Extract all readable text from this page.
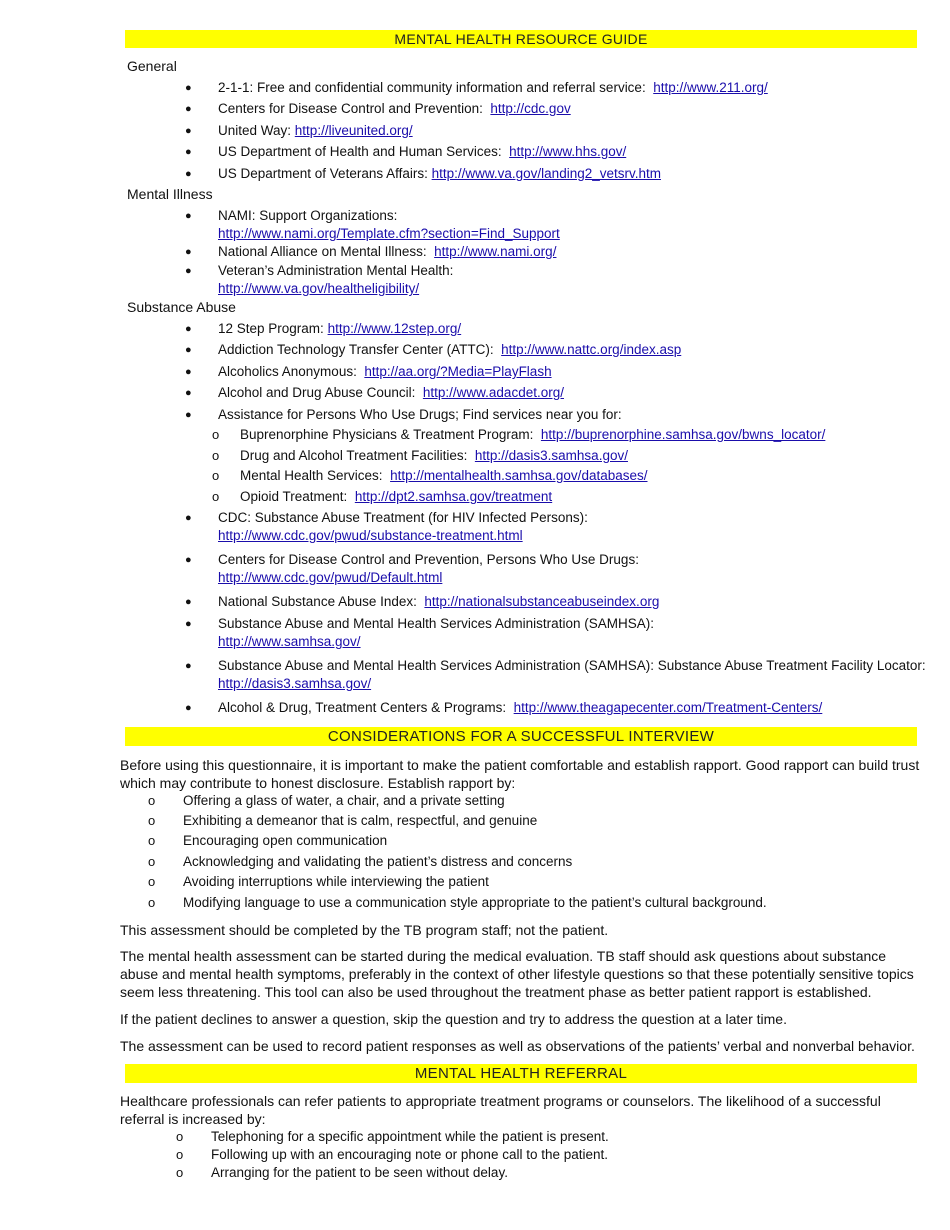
MENTAL HEALTH RESOURCE GUIDE
General
● 2-1-1: Free and confidential community information and referral service: http://www.211.org/
● Centers for Disease Control and Prevention: http://cdc.gov
● United Way: http://liveunited.org/
● US Department of Health and Human Services: http://www.hhs.gov/
● US Department of Veterans Affairs: http://www.va.gov/landing2_vetsrv.htm
Mental Illness
● NAMI: Support Organizations:
http://www.nami.org/Template.cfm?section=Find_Support
● National Alliance on Mental Illness: http://www.nami.org/
● Veteran’s Administration Mental Health:
http://www.va.gov/healtheligibility/
Substance Abuse
● 12 Step Program: http://www.12step.org/
● Addiction Technology Transfer Center (ATTC): http://www.nattc.org/index.asp
● Alcoholics Anonymous: http://aa.org/?Media=PlayFlash
● Alcohol and Drug Abuse Council: http://www.adacdet.org/
● Assistance for Persons Who Use Drugs; Find services near you for:
o Buprenorphine Physicians & Treatment Program: http://buprenorphine.samhsa.gov/bwns_locator/
o Drug and Alcohol Treatment Facilities: http://dasis3.samhsa.gov/
o Mental Health Services: http://mentalhealth.samhsa.gov/databases/
o Opioid Treatment: http://dpt2.samhsa.gov/treatment
● CDC: Substance Abuse Treatment (for HIV Infected Persons):
http://www.cdc.gov/pwud/substance-treatment.html
● Centers for Disease Control and Prevention, Persons Who Use Drugs:
http://www.cdc.gov/pwud/Default.html
● National Substance Abuse Index: http://nationalsubstanceabuseindex.org
● Substance Abuse and Mental Health Services Administration (SAMHSA):
http://www.samhsa.gov/
● Substance Abuse and Mental Health Services Administration (SAMHSA): Substance Abuse Treatment Facility Locator:
http://dasis3.samhsa.gov/
● Alcohol & Drug, Treatment Centers & Programs: http://www.theagapecenter.com/Treatment-Centers/
CONSIDERATIONS FOR A SUCCESSFUL INTERVIEW
Before using this questionnaire, it is important to make the patient comfortable and establish rapport. Good rapport can build trust which may contribute to honest disclosure. Establish rapport by:
o Offering a glass of water, a chair, and a private setting
o Exhibiting a demeanor that is calm, respectful, and genuine
o Encouraging open communication
o Acknowledging and validating the patient’s distress and concerns
o Avoiding interruptions while interviewing the patient
o Modifying language to use a communication style appropriate to the patient’s cultural background.
This assessment should be completed by the TB program staff; not the patient.
The mental health assessment can be started during the medical evaluation. TB staff should ask questions about substance abuse and mental health symptoms, preferably in the context of other lifestyle questions so that these potentially sensitive topics seem less threatening. This tool can also be used throughout the treatment phase as better patient rapport is established.
If the patient declines to answer a question, skip the question and try to address the question at a later time.
The assessment can be used to record patient responses as well as observations of the patients’ verbal and nonverbal behavior.
MENTAL HEALTH REFERRAL
Healthcare professionals can refer patients to appropriate treatment programs or counselors. The likelihood of a successful referral is increased by:
o Telephoning for a specific appointment while the patient is present.
o Following up with an encouraging note or phone call to the patient.
o Arranging for the patient to be seen without delay.
